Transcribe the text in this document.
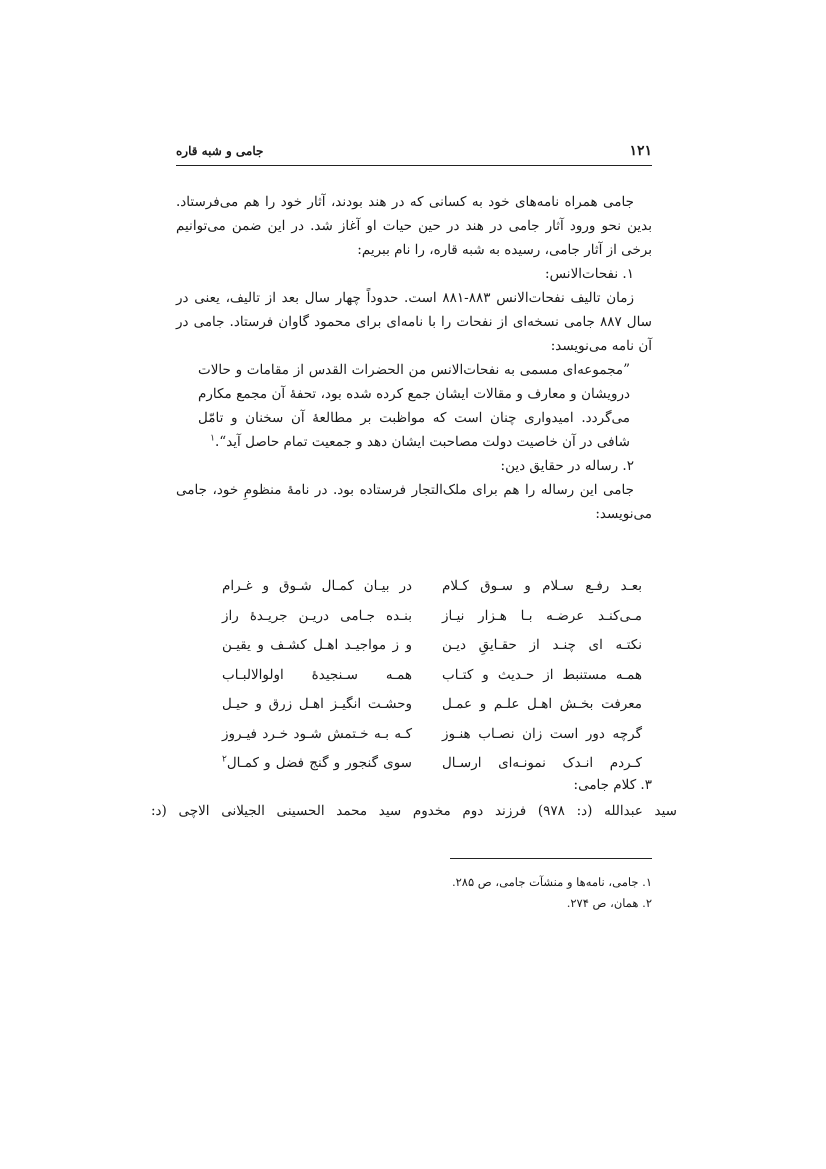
۱۲۱
جامی و شبه قاره

جامی همراه نامه‌های خود به کسانی که در هند بودند، آثار خود را هم می‌فرستاد. بدین نحو ورود آثار جامی در هند در حین حیات او آغاز شد. در این ضمن می‌توانیم برخی از آثار جامی، رسیده به شبه قاره، را نام ببریم:

۱. نفحات‌الانس:

زمان تالیف نفحات‌الانس ۸۸۳-۸۸۱ است. حدوداً چهار سال بعد از تالیف، یعنی در سال ۸۸۷ جامی نسخه‌ای از نفحات را با نامه‌ای برای محمود گاوان فرستاد. جامی در آن نامه می‌نویسد:

”مجموعه‌ای مسمی به نفحات‌الانس من الحضرات القدس از مقامات و حالات درویشان و معارف و مقالات ایشان جمع کرده شده بود، تحفهٔ آن مجمع مکارم می‌گردد. امیدواری چنان است که مواظبت بر مطالعهٔ آن سخنان و تامّل شافی در آن خاصیت دولت مصاحبت ایشان دهد و جمعیت تمام حاصل آید“.$^۱$

۲. رساله در حقایق دین:

جامی این رساله را هم برای ملک‌التجار فرستاده بود. در نامهٔ منظومِ خود، جامی می‌نویسد:

بعـد رفـع سـلام و سـوق کـلام
در بیـان کمـال شـوق و غـرام
مـی‌کنـد عرضـه بـا هـزار نیـاز
بنـده جـامی دریـن جریـدهٔ راز
نکتـه ای چنـد از حقـایقِ دیـن
و ز مواجیـد اهـل کشـف و یقیـن
همـه مستنبط از حـدیث و کتـاب
همـه سـنجیدهٔ اولوالالبـاب
معرفت بخـش اهـل علـم و عمـل
وحشـت انگیـز اهـل زرق و حیـل
گرچه دور است زان نصـاب هنـوز
کـه بـه خـتمش شـود خـرد فیـروز
کـردم انـدک نمونـه‌ای ارسـال
سوی گنجور و گنج فضل و کمـال$^۲$

۳. کلام جامی:

سید عبدالله (د: ۹۷۸) فرزند دوم مخدوم سید محمد الحسینی الجیلانی الاچی (د:

۱. جامی، نامه‌ها و منشآت جامی، ص ۲۸۵.

۲. همان، ص ۲۷۴.
